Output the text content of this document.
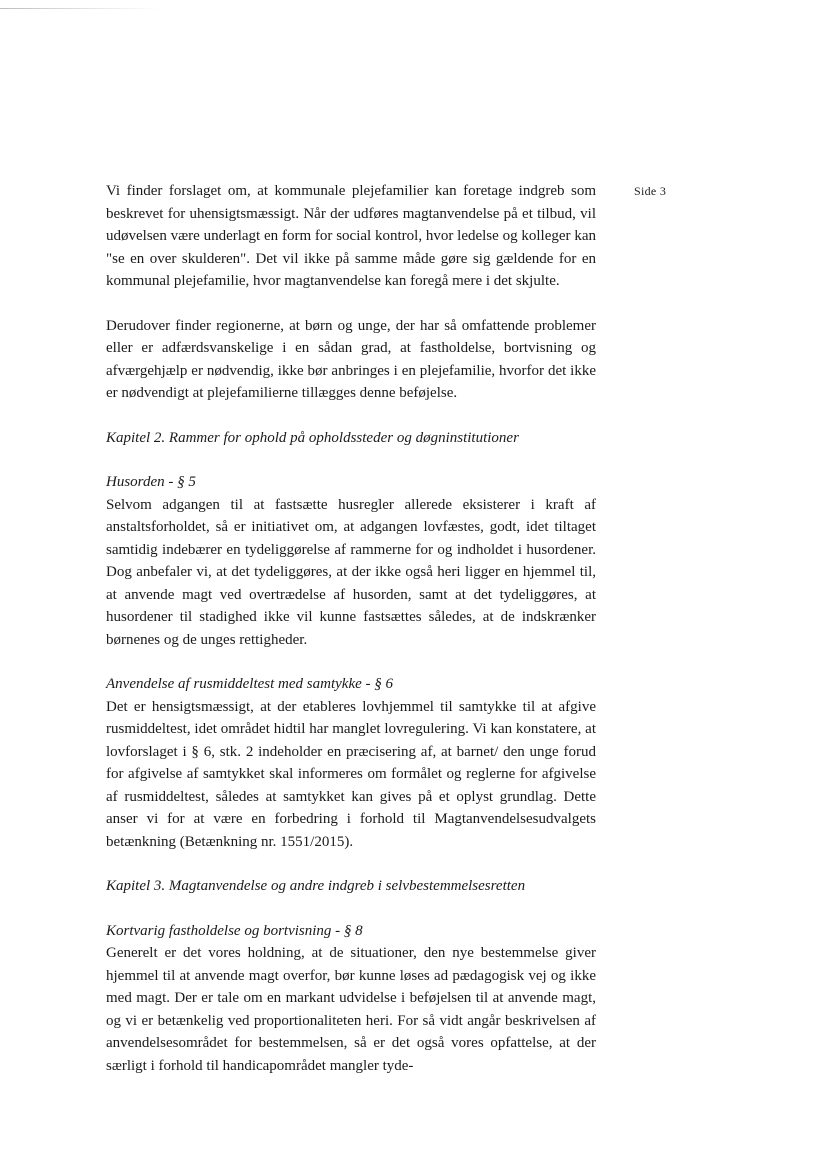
Side 3

Vi finder forslaget om, at kommunale plejefamilier kan foretage indgreb som beskrevet for uhensigtsmæssigt. Når der udføres magtanvendelse på et tilbud, vil udøvelsen være underlagt en form for social kontrol, hvor ledelse og kolleger kan "se en over skulderen". Det vil ikke på samme måde gøre sig gældende for en kommunal plejefamilie, hvor magtanvendelse kan foregå mere i det skjulte.

Derudover finder regionerne, at børn og unge, der har så omfattende problemer eller er adfærdsvanskelige i en sådan grad, at fastholdelse, bortvisning og afværgehjælp er nødvendig, ikke bør anbringes i en plejefamilie, hvorfor det ikke er nødvendigt at plejefamilierne tillægges denne beføjelse.

Kapitel 2. Rammer for ophold på opholdssteder og døgninstitutioner

Husorden - § 5

Selvom adgangen til at fastsætte husregler allerede eksisterer i kraft af anstaltsforholdet, så er initiativet om, at adgangen lovfæstes, godt, idet tiltaget samtidig indebærer en tydeliggørelse af rammerne for og indholdet i husordener. Dog anbefaler vi, at det tydeliggøres, at der ikke også heri ligger en hjemmel til, at anvende magt ved overtrædelse af husorden, samt at det tydeliggøres, at husordener til stadighed ikke vil kunne fastsættes således, at de indskrænker børnenes og de unges rettigheder.

Anvendelse af rusmiddeltest med samtykke - § 6

Det er hensigtsmæssigt, at der etableres lovhjemmel til samtykke til at afgive rusmiddeltest, idet området hidtil har manglet lovregulering. Vi kan konstatere, at lovforslaget i § 6, stk. 2 indeholder en præcisering af, at barnet/ den unge forud for afgivelse af samtykket skal informeres om formålet og reglerne for afgivelse af rusmiddeltest, således at samtykket kan gives på et oplyst grundlag. Dette anser vi for at være en forbedring i forhold til Magtanvendelsesudvalgets betænkning (Betænkning nr. 1551/2015).

Kapitel 3. Magtanvendelse og andre indgreb i selvbestemmelsesretten

Kortvarig fastholdelse og bortvisning - § 8

Generelt er det vores holdning, at de situationer, den nye bestemmelse giver hjemmel til at anvende magt overfor, bør kunne løses ad pædagogisk vej og ikke med magt. Der er tale om en markant udvidelse i beføjelsen til at anvende magt, og vi er betænkelig ved proportionaliteten heri. For så vidt angår beskrivelsen af anvendelsesområdet for bestemmelsen, så er det også vores opfattelse, at der særligt i forhold til handicapområdet mangler tyde-
